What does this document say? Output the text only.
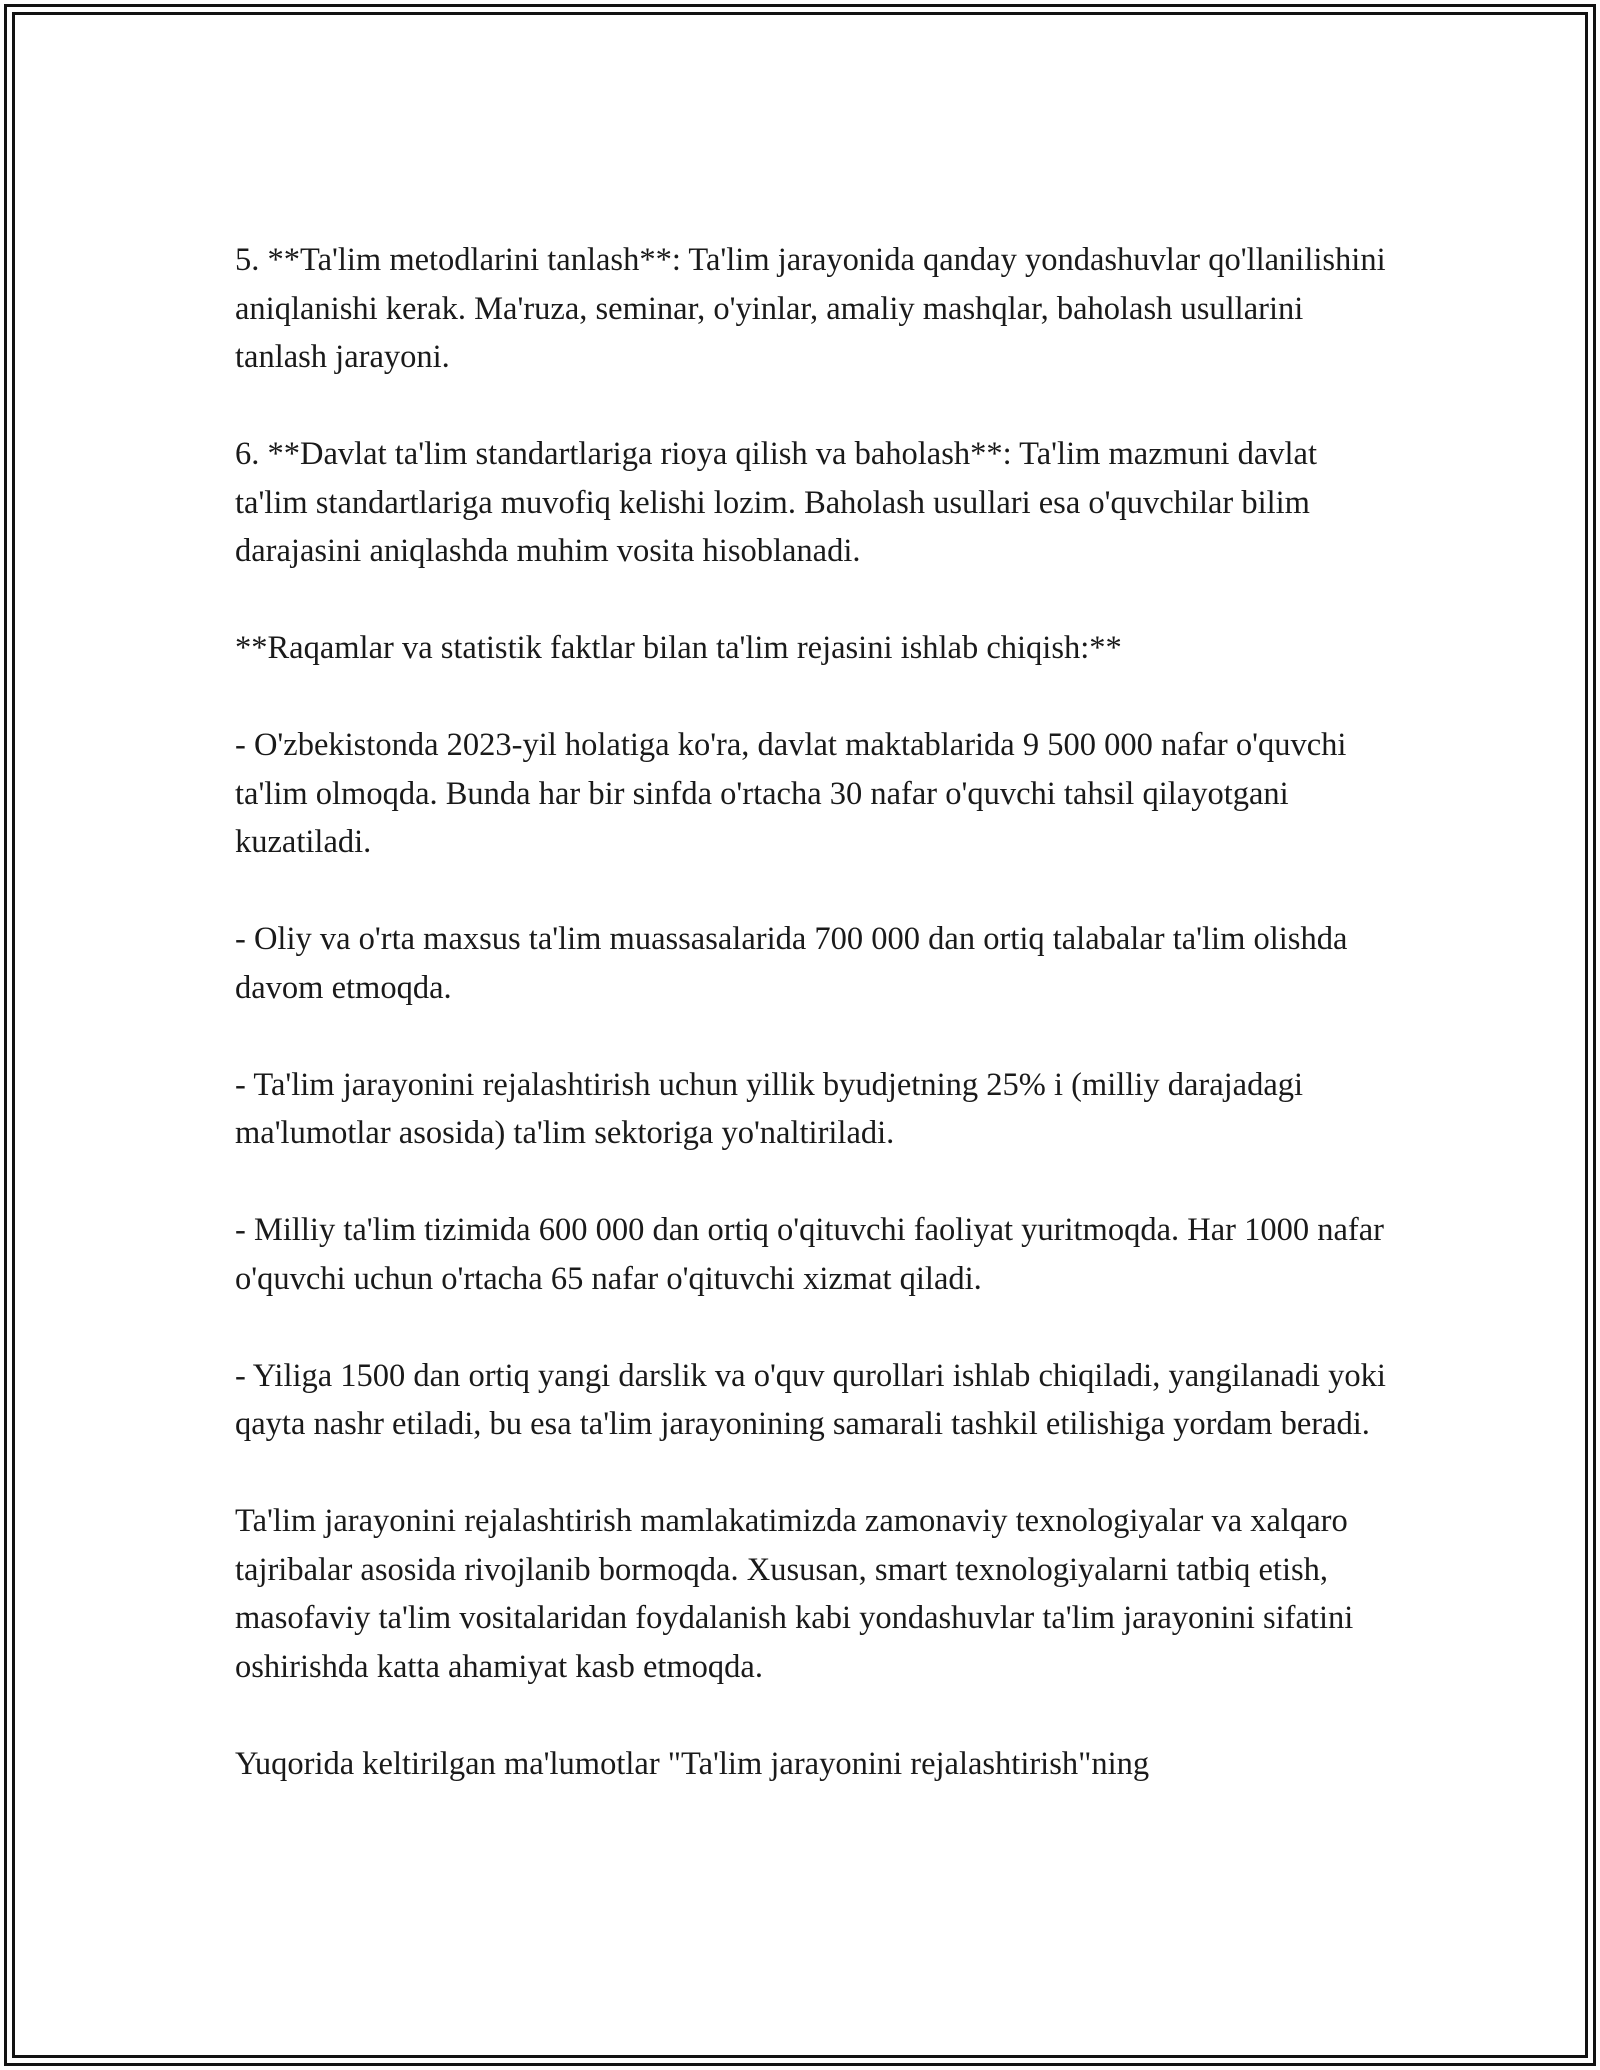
5. **Ta'lim metodlarini tanlash**: Ta'lim jarayonida qanday yondashuvlar qo'llanilishini aniqlanishi kerak. Ma'ruza, seminar, o'yinlar, amaliy mashqlar, baholash usullarini tanlash jarayoni.

6. **Davlat ta'lim standartlariga rioya qilish va baholash**: Ta'lim mazmuni davlat ta'lim standartlariga muvofiq kelishi lozim. Baholash usullari esa o'quvchilar bilim darajasini aniqlashda muhim vosita hisoblanadi.

**Raqamlar va statistik faktlar bilan ta'lim rejasini ishlab chiqish:**

- O'zbekistonda 2023-yil holatiga ko'ra, davlat maktablarida 9 500 000 nafar o'quvchi ta'lim olmoqda. Bunda har bir sinfda o'rtacha 30 nafar o'quvchi tahsil qilayotgani kuzatiladi.

- Oliy va o'rta maxsus ta'lim muassasalarida 700 000 dan ortiq talabalar ta'lim olishda davom etmoqda.

- Ta'lim jarayonini rejalashtirish uchun yillik byudjetning 25% i (milliy darajadagi ma'lumotlar asosida) ta'lim sektoriga yo'naltiriladi.

- Milliy ta'lim tizimida 600 000 dan ortiq o'qituvchi faoliyat yuritmoqda. Har 1000 nafar o'quvchi uchun o'rtacha 65 nafar o'qituvchi xizmat qiladi.

- Yiliga 1500 dan ortiq yangi darslik va o'quv qurollari ishlab chiqiladi, yangilanadi yoki qayta nashr etiladi, bu esa ta'lim jarayonining samarali tashkil etilishiga yordam beradi.

Ta'lim jarayonini rejalashtirish mamlakatimizda zamonaviy texnologiyalar va xalqaro tajribalar asosida rivojlanib bormoqda. Xususan, smart texnologiyalarni tatbiq etish, masofaviy ta'lim vositalaridan foydalanish kabi yondashuvlar ta'lim jarayonini sifatini oshirishda katta ahamiyat kasb etmoqda.

Yuqorida keltirilgan ma'lumotlar "Ta'lim jarayonini rejalashtirish"ning
